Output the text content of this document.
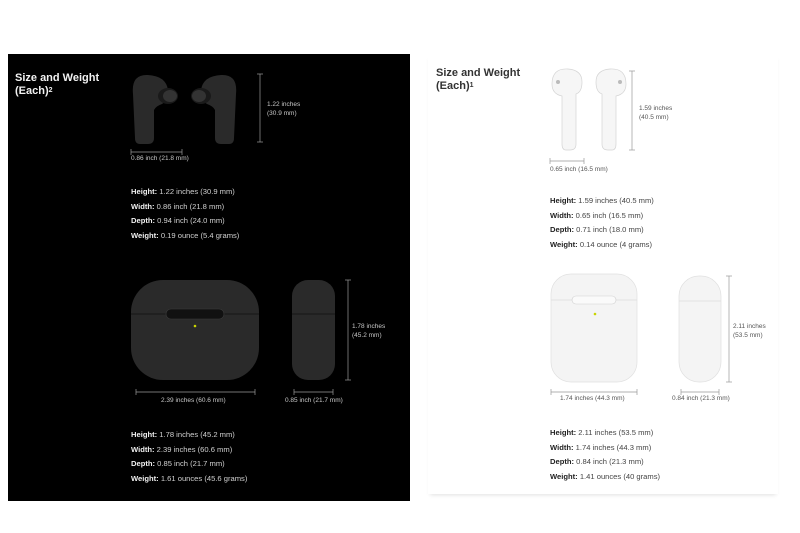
Size and Weight
(Each)$^2$
1.22 inches
(30.9 mm)
0.86 inch (21.8 mm)
Height: 1.22 inches (30.9 mm)
Width: 0.86 inch (21.8 mm)
Depth: 0.94 inch (24.0 mm)
Weight: 0.19 ounce (5.4 grams)
1.78 inches
(45.2 mm)
2.39 inches (60.6 mm)	0.85 inch (21.7 mm)
Height: 1.78 inches (45.2 mm)
Width: 2.39 inches (60.6 mm)
Depth: 0.85 inch (21.7 mm)
Weight: 1.61 ounces (45.6 grams)
Size and Weight
(Each)$^1$
1.59 inches
(40.5 mm)
0.65 inch (16.5 mm)
Height: 1.59 inches (40.5 mm)
Width: 0.65 inch (16.5 mm)
Depth: 0.71 inch (18.0 mm)
Weight: 0.14 ounce (4 grams)
2.11 inches
(53.5 mm)
1.74 inches (44.3 mm)	0.84 inch (21.3 mm)
Height: 2.11 inches (53.5 mm)
Width: 1.74 inches (44.3 mm)
Depth: 0.84 inch (21.3 mm)
Weight: 1.41 ounces (40 grams)
